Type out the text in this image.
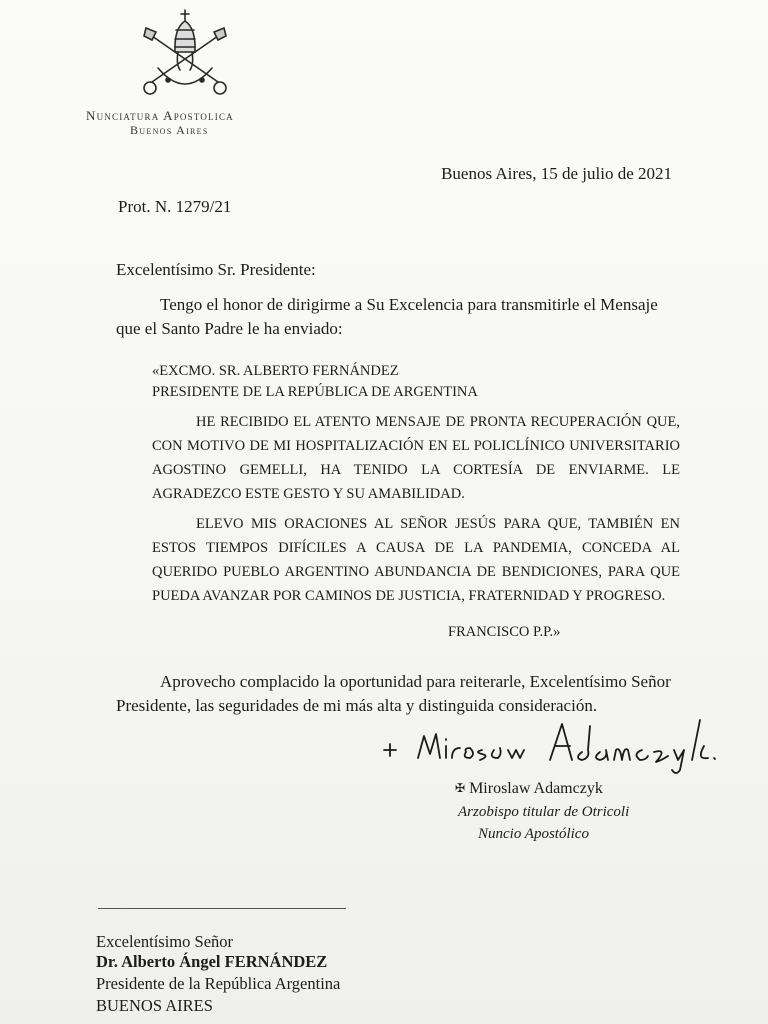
Nunciatura Apostolica
Buenos Aires
Buenos Aires, 15 de julio de 2021
Prot. N. 1279/21
Excelentísimo Sr. Presidente:
Tengo el honor de dirigirme a Su Excelencia para transmitirle el Mensaje que el Santo Padre le ha enviado:
«EXCMO. SR. ALBERTO FERNÁNDEZ
PRESIDENTE DE LA REPÚBLICA DE ARGENTINA
HE RECIBIDO EL ATENTO MENSAJE DE PRONTA RECUPERACIÓN QUE, CON MOTIVO DE MI HOSPITALIZACIÓN EN EL POLICLÍNICO UNIVERSITARIO AGOSTINO GEMELLI, HA TENIDO LA CORTESÍA DE ENVIARME. LE AGRADEZCO ESTE GESTO Y SU AMABILIDAD.
ELEVO MIS ORACIONES AL SEÑOR JESÚS PARA QUE, TAMBIÉN EN ESTOS TIEMPOS DIFÍCILES A CAUSA DE LA PANDEMIA, CONCEDA AL QUERIDO PUEBLO ARGENTINO ABUNDANCIA DE BENDICIONES, PARA QUE PUEDA AVANZAR POR CAMINOS DE JUSTICIA, FRATERNIDAD Y PROGRESO.
FRANCISCO P.P.»
Aprovecho complacido la oportunidad para reiterarle, Excelentísimo Señor Presidente, las seguridades de mi más alta y distinguida consideración.
✠ Miroslaw Adamczyk
Arzobispo titular de Otricoli
Nuncio Apostólico
Excelentísimo Señor
Dr. Alberto Ángel FERNÁNDEZ
Presidente de la República Argentina
BUENOS AIRES
